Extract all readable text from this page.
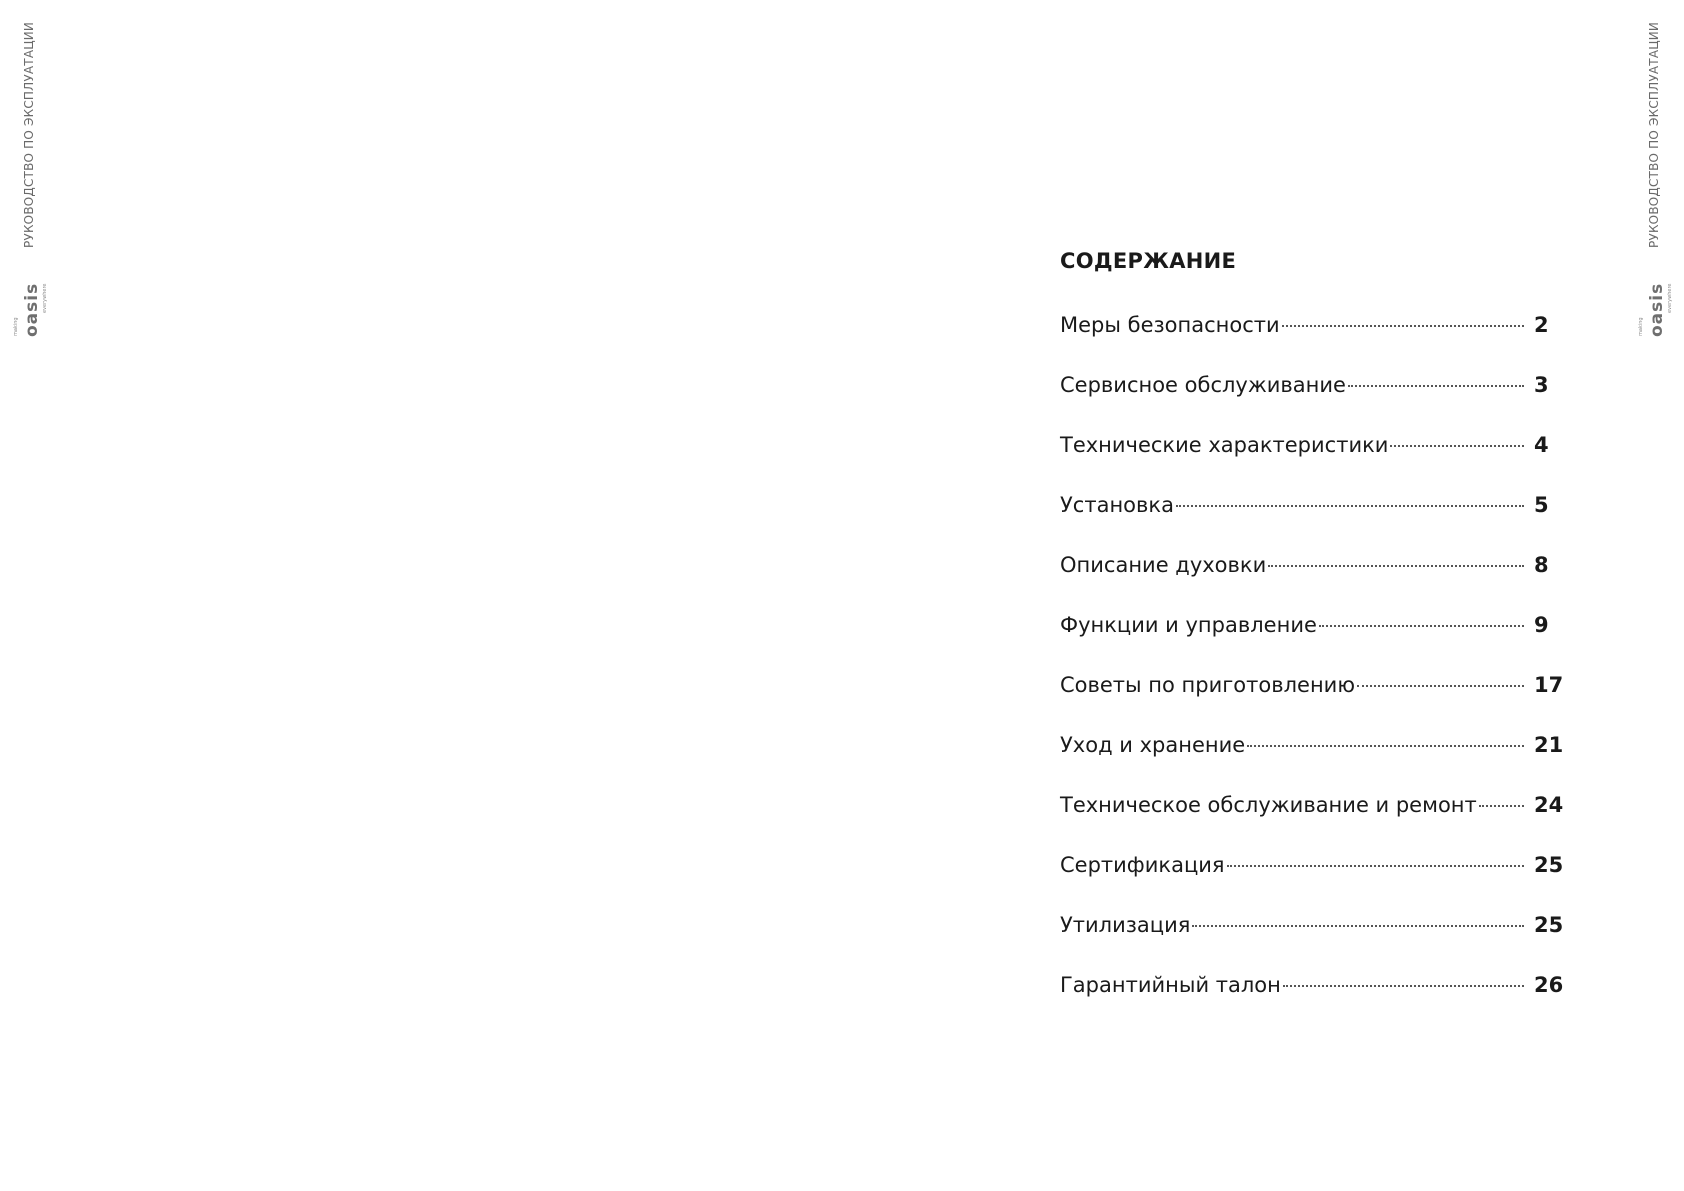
РУКОВОДСТВО ПО ЭКСПЛУАТАЦИИ
making oasis everywhere
РУКОВОДСТВО ПО ЭКСПЛУАТАЦИИ
making oasis everywhere
СОДЕРЖАНИЕ
Меры безопасности	2
Сервисное обслуживание	3
Технические характеристики	4
Установка	5
Описание духовки	8
Функции и управление	9
Советы по приготовлению	17
Уход и хранение	21
Техническое обслуживание и ремонт	24
Сертификация	25
Утилизация	25
Гарантийный талон	26
